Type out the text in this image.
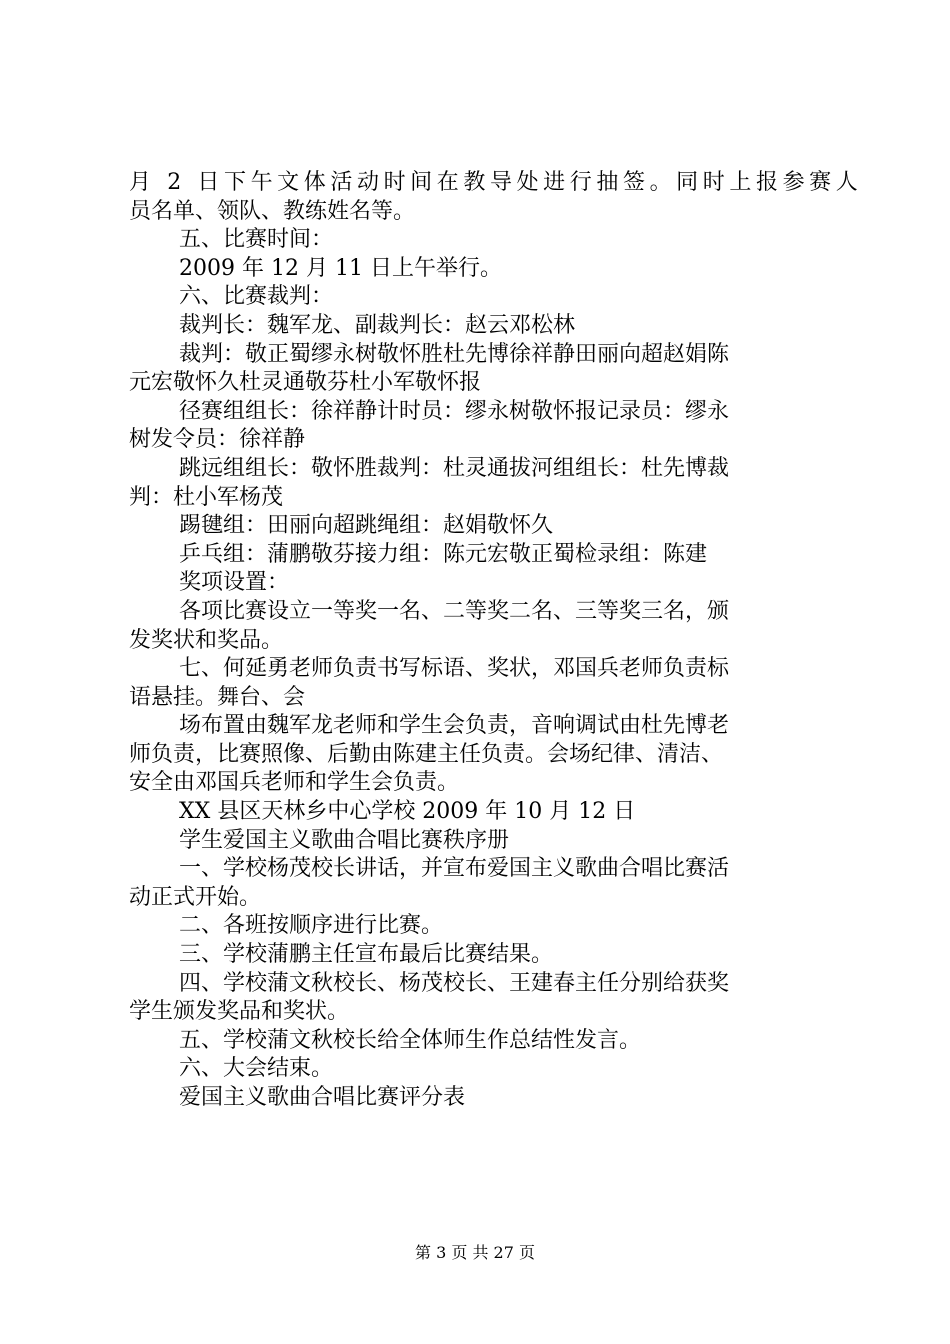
月 2 日下午文体活动时间在教导处进行抽签。同时上报参赛人
员名单、领队、教练姓名等。
五、比赛时间：
2009 年 12 月 11 日上午举行。
六、比赛裁判：
裁判长：魏军龙、副裁判长：赵云邓松林
裁判：敬正蜀缪永树敬怀胜杜先博徐祥静田丽向超赵娟陈
元宏敬怀久杜灵通敬芬杜小军敬怀报
径赛组组长：徐祥静计时员：缪永树敬怀报记录员：缪永
树发令员：徐祥静
跳远组组长：敬怀胜裁判：杜灵通拔河组组长：杜先博裁
判：杜小军杨茂
踢毽组：田丽向超跳绳组：赵娟敬怀久
乒乓组：蒲鹏敬芬接力组：陈元宏敬正蜀检录组：陈建
奖项设置：
各项比赛设立一等奖一名、二等奖二名、三等奖三名，颁
发奖状和奖品。
七、何延勇老师负责书写标语、奖状，邓国兵老师负责标
语悬挂。舞台、会
场布置由魏军龙老师和学生会负责，音响调试由杜先博老
师负责，比赛照像、后勤由陈建主任负责。会场纪律、清洁、
安全由邓国兵老师和学生会负责。
XX 县区天林乡中心学校 2009 年 10 月 12 日
学生爱国主义歌曲合唱比赛秩序册
一、学校杨茂校长讲话，并宣布爱国主义歌曲合唱比赛活
动正式开始。
二、各班按顺序进行比赛。
三、学校蒲鹏主任宣布最后比赛结果。
四、学校蒲文秋校长、杨茂校长、王建春主任分别给获奖
学生颁发奖品和奖状。
五、学校蒲文秋校长给全体师生作总结性发言。
六、大会结束。
爱国主义歌曲合唱比赛评分表
第 3 页 共 27 页
